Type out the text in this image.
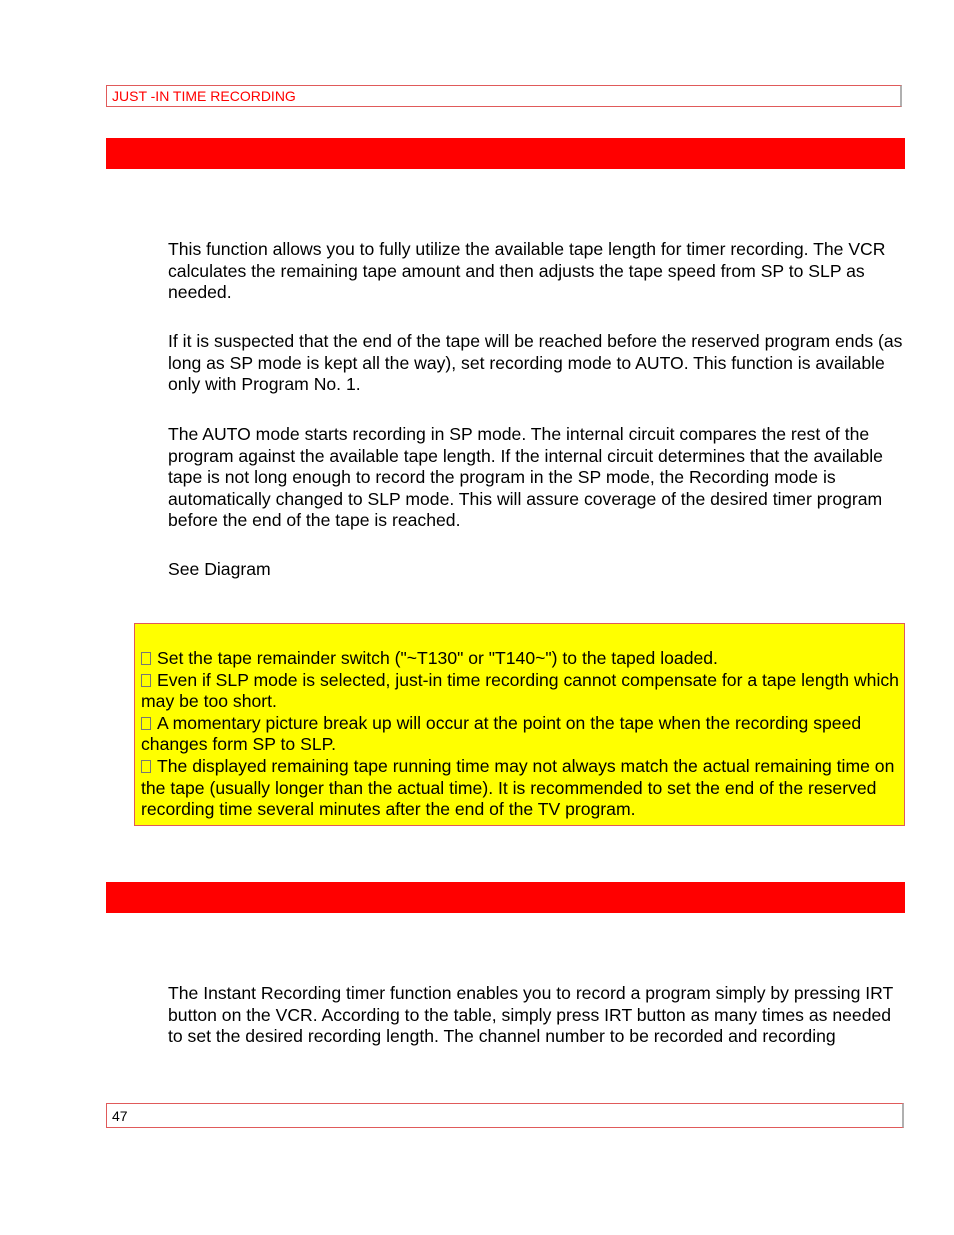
JUST -IN TIME RECORDING

This function allows you to fully utilize the available tape length for timer recording. The VCR calculates the remaining tape amount and then adjusts the tape speed from SP to SLP as needed.

If it is suspected that the end of the tape will be reached before the reserved program ends (as long as SP mode is kept all the way), set recording mode to AUTO. This function is available only with Program No. 1.

The AUTO mode starts recording in SP mode. The internal circuit compares the rest of the program against the available tape length. If the internal circuit determines that the available tape is not long enough to record the program in the SP mode, the Recording mode is automatically changed to SLP mode. This will assure coverage of the desired timer program before the end of the tape is reached.

See Diagram

Set the tape remainder switch ("~T130" or "T140~") to the taped loaded.

Even if SLP mode is selected, just-in time recording cannot compensate for a tape length which may be too short.

A momentary picture break up will occur at the point on the tape when the recording speed changes form SP to SLP.

The displayed remaining tape running time may not always match the actual remaining time on the tape (usually longer than the actual time). It is recommended to set the end of the reserved recording time several minutes after the end of the TV program.

The Instant Recording timer function enables you to record a program simply by pressing IRT button on the VCR. According to the table, simply press IRT button as many times as needed to set the desired recording length. The channel number to be recorded and recording

47
